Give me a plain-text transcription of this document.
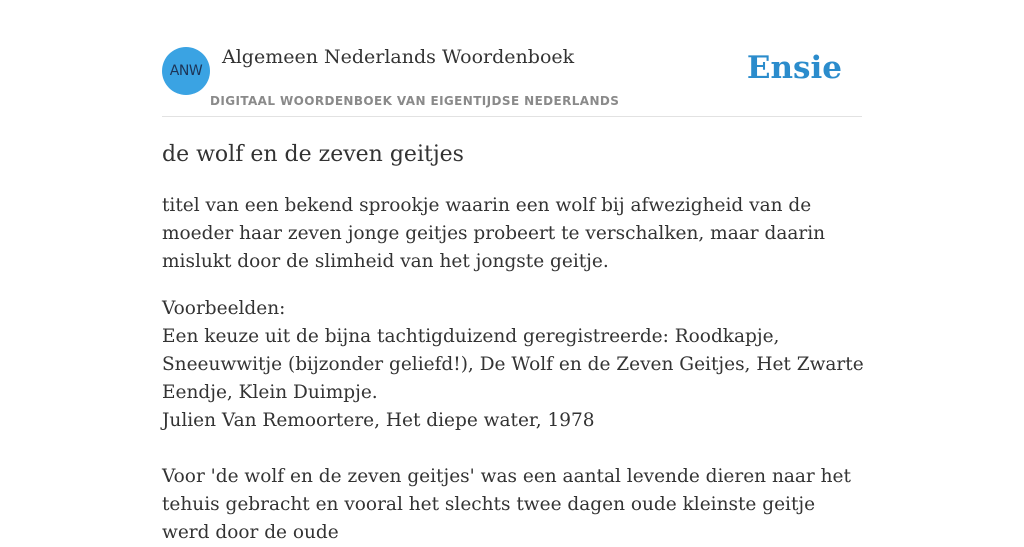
ANW
Algemeen Nederlands Woordenboek
DIGITAAL WOORDENBOEK VAN EIGENTIJDSE NEDERLANDS
Ensie
de wolf en de zeven geitjes

titel van een bekend sprookje waarin een wolf bij afwezigheid van de moeder haar zeven jonge geitjes probeert te verschalken, maar daarin mislukt door de slimheid van het jongste geitje.

Voorbeelden:
Een keuze uit de bijna tachtigduizend geregistreerde: Roodkapje, Sneeuwwitje (bijzonder geliefd!), De Wolf en de Zeven Geitjes, Het Zwarte Eendje, Klein Duimpje.
Julien Van Remoortere, Het diepe water, 1978
Voor 'de wolf en de zeven geitjes' was een aantal levende dieren naar het tehuis gebracht en vooral het slechts twee dagen oude kleinste geitje werd door de oude
